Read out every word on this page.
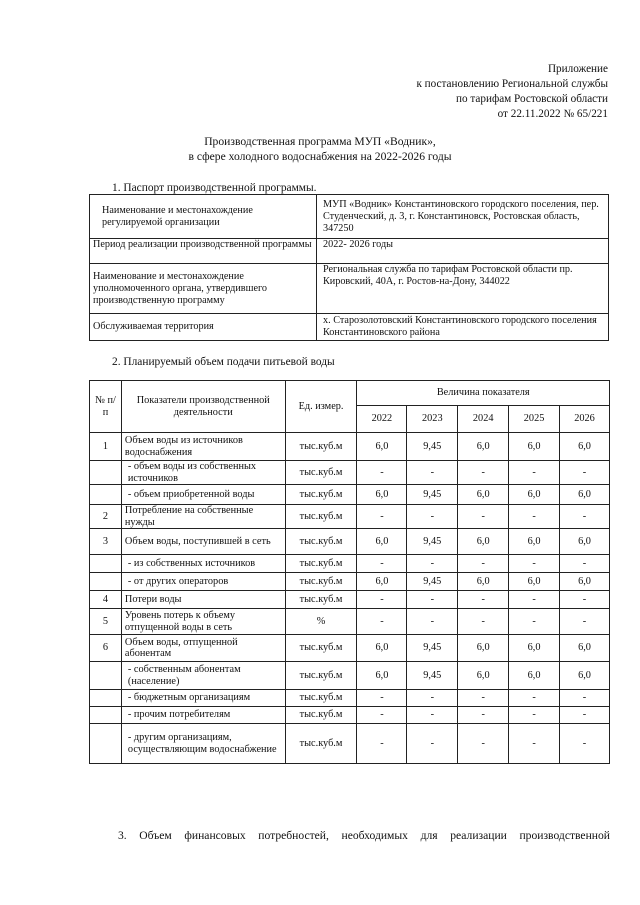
Приложение
к постановлению Региональной службы
по тарифам Ростовской области
от 22.11.2022 № 65/221
Производственная программа МУП «Водник»,
в сфере холодного водоснабжения на 2022-2026 годы
1. Паспорт производственной программы.
Наименование и местонахождение регулируемой организации	МУП «Водник» Константиновского городского поселения, пер. Студенческий, д. 3, г. Константиновск, Ростовская область, 347250
Период реализации производственной программы	2022- 2026 годы
Наименование и местонахождение уполномоченного органа, утвердившего производственную программу	Региональная служба по тарифам Ростовской области пр. Кировский, 40А, г. Ростов-на-Дону, 344022
Обслуживаемая территория	х. Старозолотовский Константиновского городского поселения Константиновского района
2. Планируемый объем подачи питьевой воды
№ п/п	Показатели производственной деятельности	Ед. измер.	Величина показателя				
			2022	2023	2024	2025	2026
1	Объем воды из источников водоснабжения	тыс.куб.м	6,0	9,45	6,0	6,0	6,0
	- объем воды из собственных источников	тыс.куб.м	-	-	-	-	-
	- объем приобретенной воды	тыс.куб.м	6,0	9,45	6,0	6,0	6,0
2	Потребление на собственные нужды	тыс.куб.м	-	-	-	-	-
3	Объем воды, поступившей в сеть	тыс.куб.м	6,0	9,45	6,0	6,0	6,0
	- из собственных источников	тыс.куб.м	-	-	-	-	-
	- от других операторов	тыс.куб.м	6,0	9,45	6,0	6,0	6,0
4	Потери воды	тыс.куб.м	-	-	-	-	-
5	Уровень потерь к объему отпущенной воды в сеть	%	-	-	-	-	-
6	Объем воды, отпущенной абонентам	тыс.куб.м	6,0	9,45	6,0	6,0	6,0
	- собственным абонентам (население)	тыс.куб.м	6,0	9,45	6,0	6,0	6,0
	- бюджетным организациям	тыс.куб.м	-	-	-	-	-
	- прочим потребителям	тыс.куб.м	-	-	-	-	-
	- другим организациям, осуществляющим водоснабжение	тыс.куб.м	-	-	-	-	-
3. Объем финансовых потребностей, необходимых для реализации производственной
